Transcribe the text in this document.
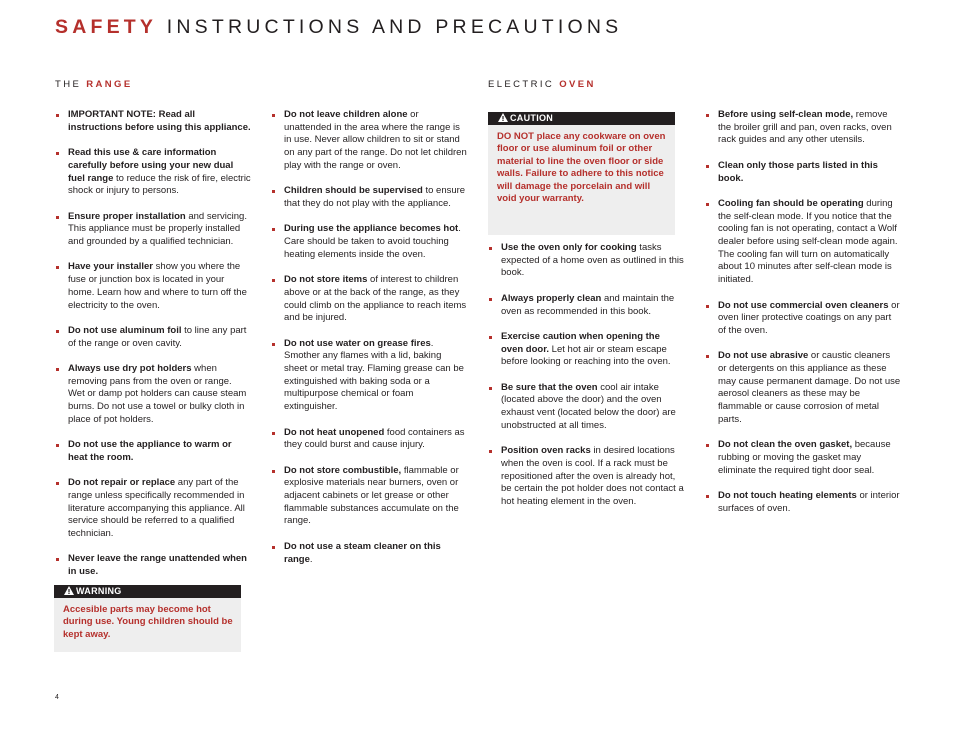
SAFETY INSTRUCTIONS AND PRECAUTIONS
THE RANGE	ELECTRIC OVEN
IMPORTANT NOTE: Read all instructions before using this appliance.
Read this use & care information carefully before using your new dual fuel range to reduce the risk of fire, electric shock or injury to persons.
Ensure proper installation and servicing. This appliance must be properly installed and grounded by a qualified technician.
Have your installer show you where the fuse or junction box is located in your home. Learn how and where to turn off the electricity to the oven.
Do not use aluminum foil to line any part of the range or oven cavity.
Always use dry pot holders when removing pans from the oven or range. Wet or damp pot holders can cause steam burns. Do not use a towel or bulky cloth in place of pot holders.
Do not use the appliance to warm or heat the room.
Do not repair or replace any part of the range unless specifically recommended in literature accompanying this appliance. All service should be referred to a qualified technician.
Never leave the range unattended when in use.
WARNING
Accesible parts may become hot during use. Young children should be kept away.
Do not leave children alone or unattended in the area where the range is in use. Never allow children to sit or stand on any part of the range. Do not let children play with the range or oven.
Children should be supervised to ensure that they do not play with the appliance.
During use the appliance becomes hot. Care should be taken to avoid touching heating elements inside the oven.
Do not store items of interest to children above or at the back of the range, as they could climb on the appliance to reach items and be injured.
Do not use water on grease fires. Smother any flames with a lid, baking sheet or metal tray. Flaming grease can be extinguished with baking soda or a multipurpose chemical or foam extinguisher.
Do not heat unopened food containers as they could burst and cause injury.
Do not store combustible, flammable or explosive materials near burners, oven or adjacent cabinets or let grease or other flammable substances accumulate on the range.
Do not use a steam cleaner on this range.
CAUTION
DO NOT place any cookware on oven floor or use aluminum foil or other material to line the oven floor or side walls. Failure to adhere to this notice will damage the porcelain and will void your warranty.
Use the oven only for cooking tasks expected of a home oven as outlined in this book.
Always properly clean and maintain the oven as recommended in this book.
Exercise caution when opening the oven door. Let hot air or steam escape before looking or reaching into the oven.
Be sure that the oven cool air intake (located above the door) and the oven exhaust vent (located below the door) are unobstructed at all times.
Position oven racks in desired locations when the oven is cool. If a rack must be repositioned after the oven is already hot, be certain the pot holder does not contact a hot heating element in the oven.
Before using self-clean mode, remove the broiler grill and pan, oven racks, oven rack guides and any other utensils.
Clean only those parts listed in this book.
Cooling fan should be operating during the self-clean mode. If you notice that the cooling fan is not operating, contact a Wolf dealer before using self-clean mode again. The cooling fan will turn on automatically about 10 minutes after self-clean mode is initiated.
Do not use commercial oven cleaners or oven liner protective coatings on any part of the oven.
Do not use abrasive or caustic cleaners or detergents on this appliance as these may cause permanent damage. Do not use aerosol cleaners as these may be flammable or cause corrosion of metal parts.
Do not clean the oven gasket, because rubbing or moving the gasket may eliminate the required tight door seal.
Do not touch heating elements or interior surfaces of oven.
4
